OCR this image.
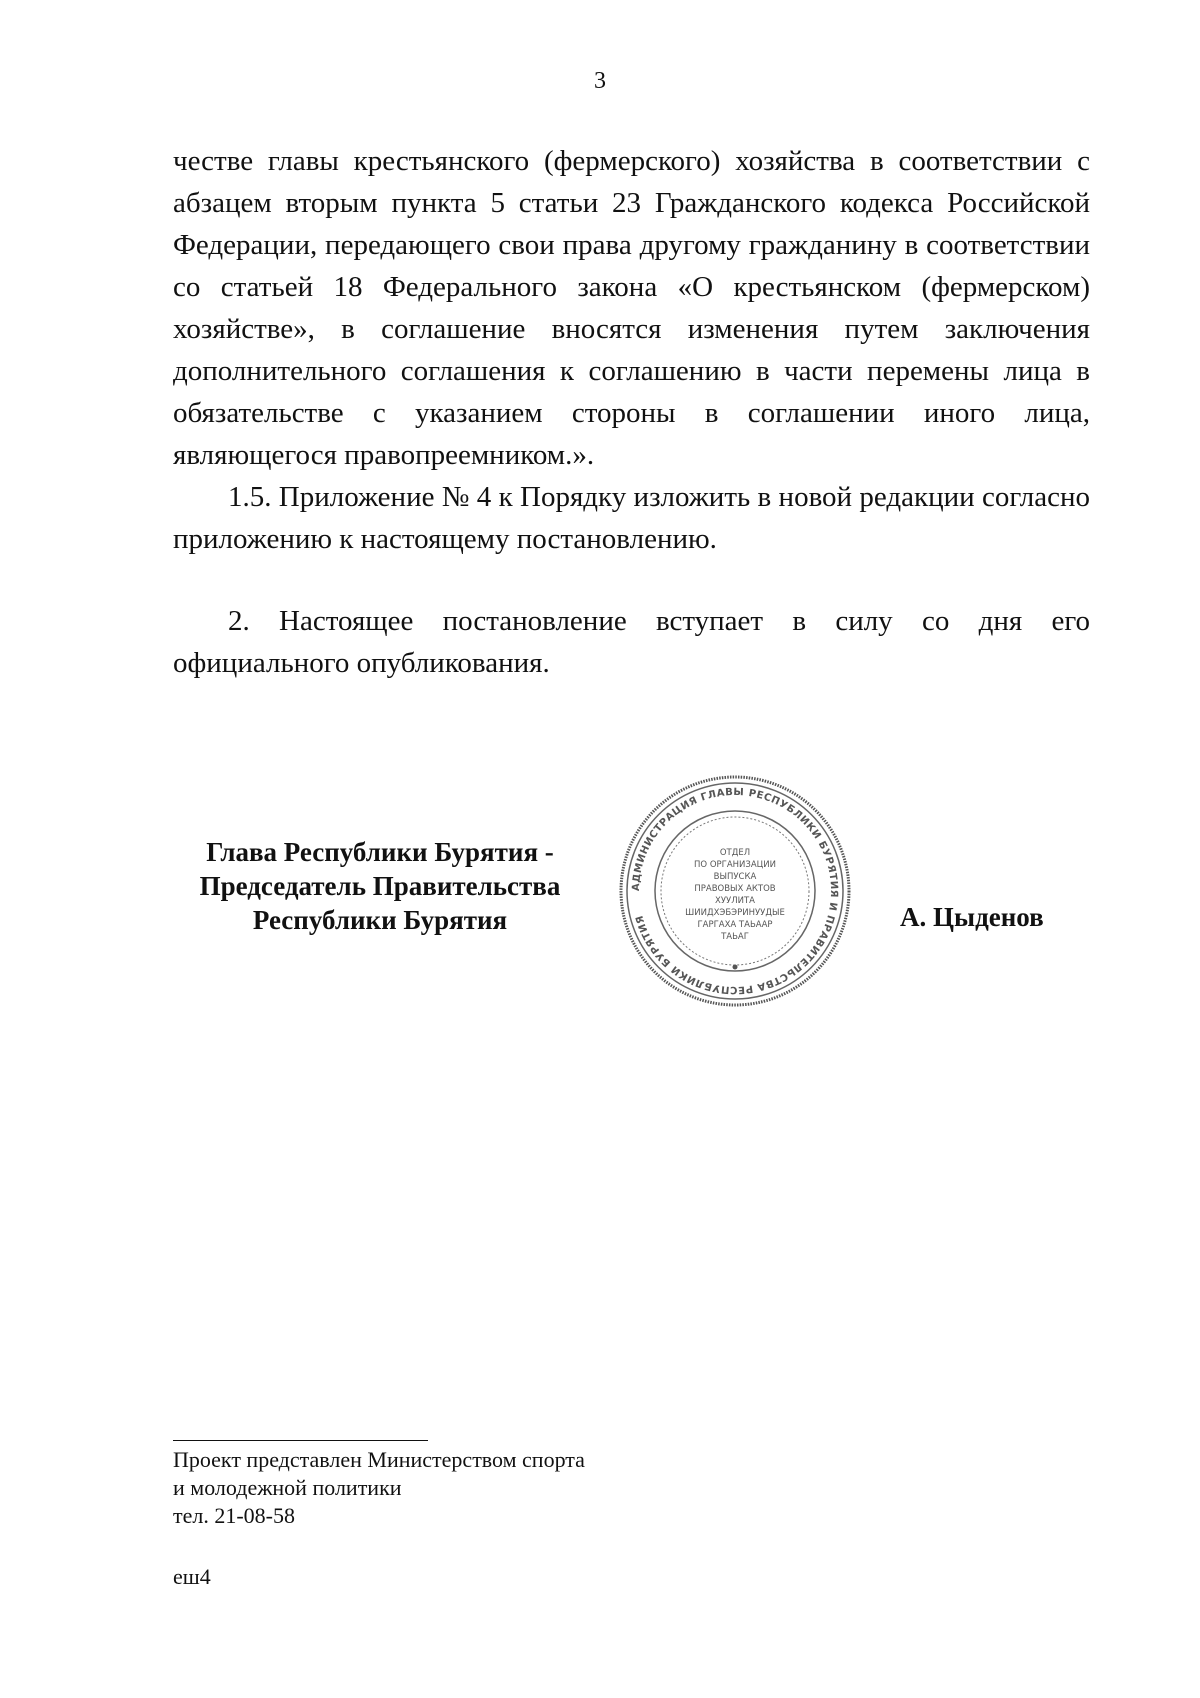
3

честве главы крестьянского (фермерского) хозяйства в соответствии с абзацем вторым пункта 5 статьи 23 Гражданского кодекса Российской Федерации, передающего свои права другому гражданину в соответствии со статьей 18 Федерального закона «О крестьянском (фермерском) хозяйстве», в соглашение вносятся изменения путем заключения дополнительного соглашения к соглашению в части перемены лица в обязательстве с указанием стороны в соглашении иного лица, являющегося правопреемником.».

1.5. Приложение № 4 к Порядку изложить в новой редакции согласно приложению к настоящему постановлению.

2. Настоящее постановление вступает в силу со дня его официального опубликования.

Глава Республики Бурятия -
Председатель Правительства
Республики Бурятия
АДМИНИСТРАЦИЯ ГЛАВЫ РЕСПУБЛИКИ БУРЯТИЯ И ПРАВИТЕЛЬСТВА РЕСПУБЛИКИ БУРЯТИЯ
ОТДЕЛ
ПО ОРГАНИЗАЦИИ
ВЫПУСКА
ПРАВОВЫХ АКТОВ
ХУУЛИТА
ШИИДХЭБЭРИНУУДЫЕ
ГАРГАХА ТАЬААР
ТАЬАГ
А. Цыденов
Проект представлен Министерством спорта
и молодежной политики
тел. 21-08-58
еш4
